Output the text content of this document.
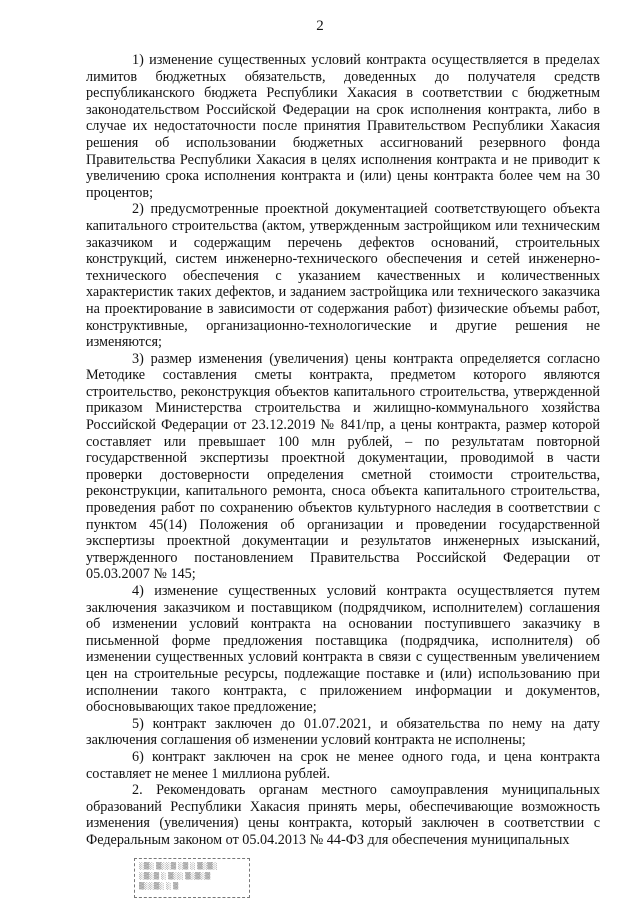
2

1) изменение существенных условий контракта осуществляется в пределах лимитов бюджетных обязательств, доведенных до получателя средств республиканского бюджета Республики Хакасия в соответствии с бюджетным законодательством Российской Федерации на срок исполнения контракта, либо в случае их недостаточности после принятия Правительством Республики Хакасия решения об использовании бюджетных ассигнований резервного фонда Правительства Республики Хакасия в целях исполнения контракта и не приводит к увеличению срока исполнения контракта и (или) цены контракта более чем на 30 процентов;

2) предусмотренные проектной документацией соответствующего объекта капитального строительства (актом, утвержденным застройщиком или техническим заказчиком и содержащим перечень дефектов оснований, строительных конструкций, систем инженерно-технического обеспечения и сетей инженерно-технического обеспечения с указанием качественных и количественных характеристик таких дефектов, и заданием застройщика или технического заказчика на проектирование в зависимости от содержания работ) физические объемы работ, конструктивные, организационно-технологические и другие решения не изменяются;

3) размер изменения (увеличения) цены контракта определяется согласно Методике составления сметы контракта, предметом которого являются строительство, реконструкция объектов капитального строительства, утвержденной приказом Министерства строительства и жилищно-коммунального хозяйства Российской Федерации от 23.12.2019 № 841/пр, а цены контракта, размер которой составляет или превышает 100 млн рублей, – по результатам повторной государственной экспертизы проектной документации, проводимой в части проверки достоверности определения сметной стоимости строительства, реконструкции, капитального ремонта, сноса объекта капитального строительства, проведения работ по сохранению объектов культурного наследия в соответствии с пунктом 45(14) Положения об организации и проведении государственной экспертизы проектной документации и результатов инженерных изысканий, утвержденного постановлением Правительства Российской Федерации от 05.03.2007 № 145;

4) изменение существенных условий контракта осуществляется путем заключения заказчиком и поставщиком (подрядчиком, исполнителем) соглашения об изменении условий контракта на основании поступившего заказчику в письменной форме предложения поставщика (подрядчика, исполнителя) об изменении существенных условий контракта в связи с существенным увеличением цен на строительные ресурсы, подлежащие поставке и (или) использованию при исполнении такого контракта, с приложением информации и документов, обосновывающих такое предложение;

5) контракт заключен до 01.07.2021, и обязательства по нему на дату заключения соглашения об изменении условий контракта не исполнены;

6) контракт заключен на срок не менее одного года, и цена контракта составляет не менее 1 миллиона рублей.

2. Рекомендовать органам местного самоуправления муниципальных образований Республики Хакасия принять меры, обеспечивающие возможность изменения (увеличения) цены контракта, который заключен в соответствии с Федеральным законом от 05.04.2013 № 44-ФЗ для обеспечения муниципальных

░▒░ ▒░░▒ ░▒ ░ ▒░▒░
░▒░▒ ░ ▒░░ ▒░▒░▒
▒░░▒░ ░ ▒
